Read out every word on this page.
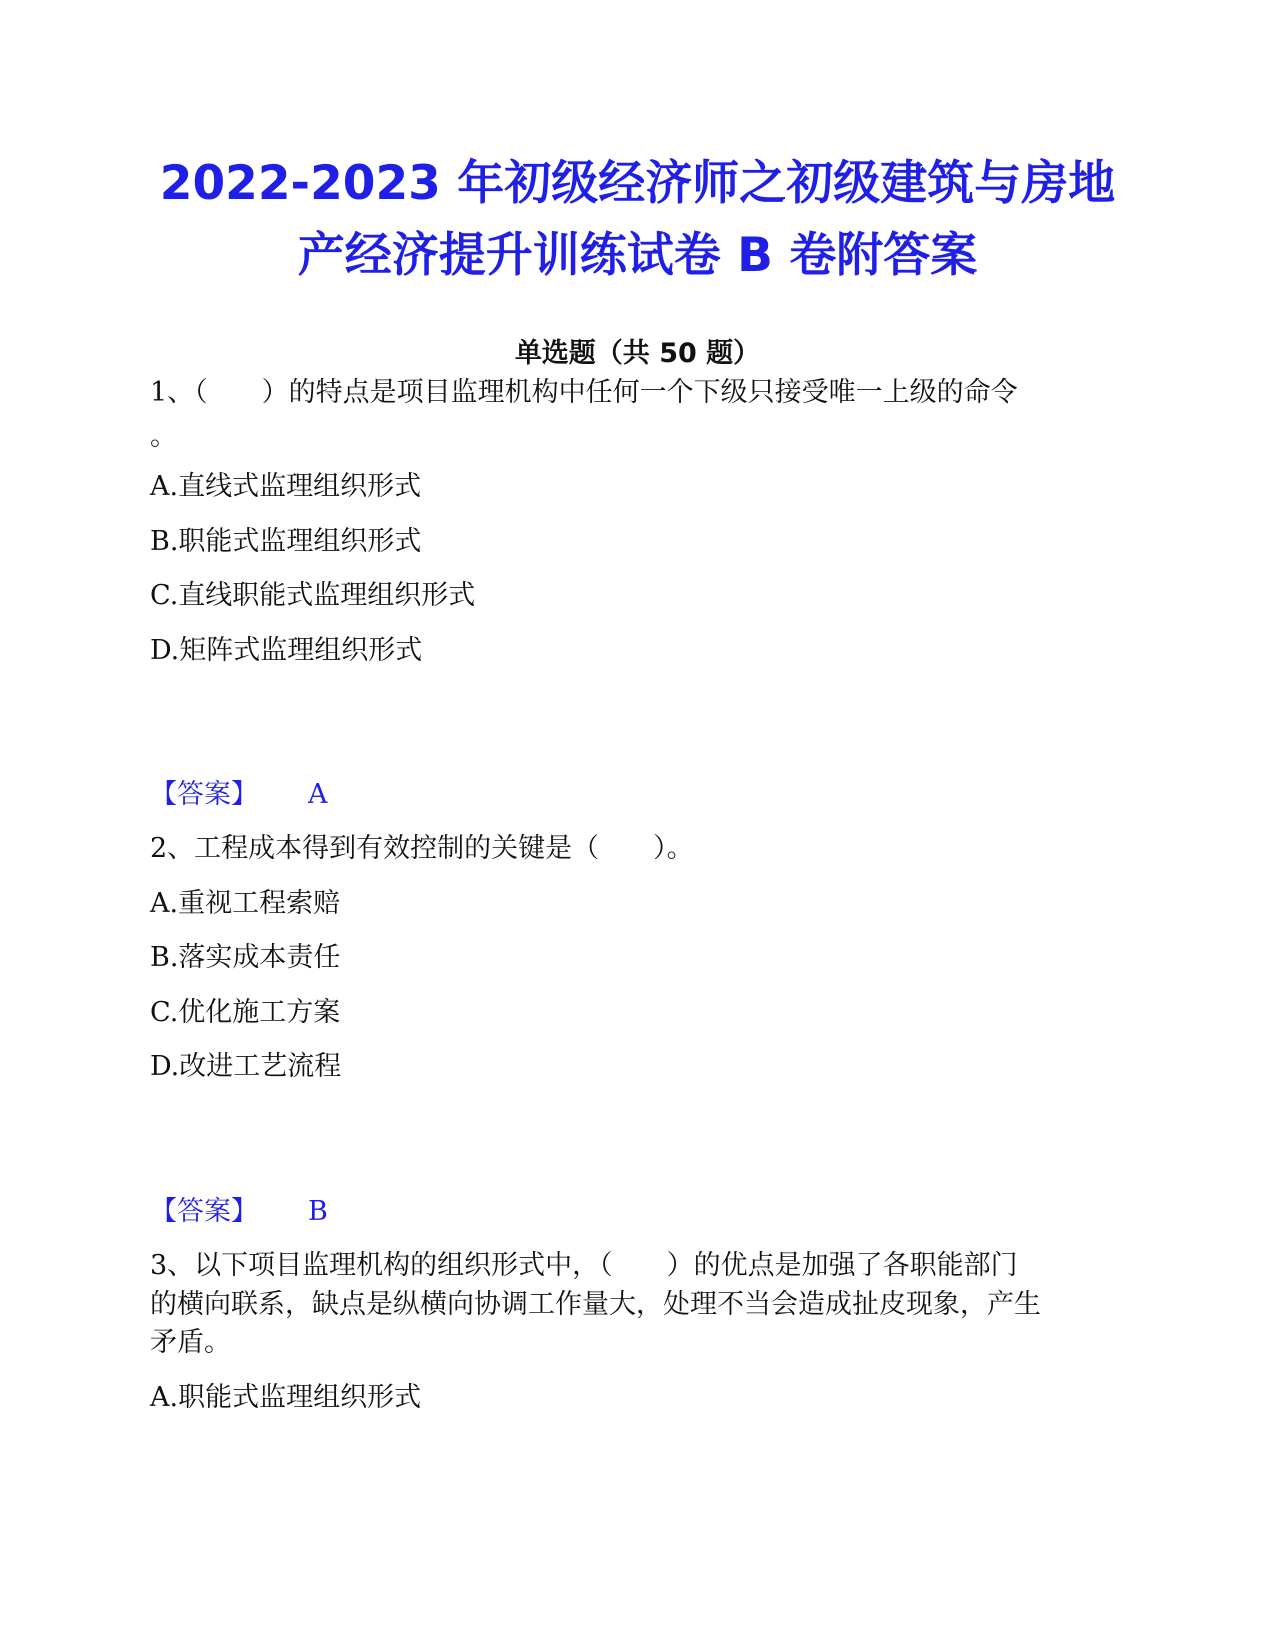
2022-2023 年初级经济师之初级建筑与房地
产经济提升训练试卷 B 卷附答案
单选题（共 50 题）
1、（　　）的特点是项目监理机构中任何一个下级只接受唯一上级的命令
。
A.直线式监理组织形式
B.职能式监理组织形式
C.直线职能式监理组织形式
D.矩阵式监理组织形式
【答案】 A
2、工程成本得到有效控制的关键是（　　）。
A.重视工程索赔
B.落实成本责任
C.优化施工方案
D.改进工艺流程
【答案】 B
3、以下项目监理机构的组织形式中，（　　）的优点是加强了各职能部门
的横向联系，缺点是纵横向协调工作量大，处理不当会造成扯皮现象，产生
矛盾。
A.职能式监理组织形式
